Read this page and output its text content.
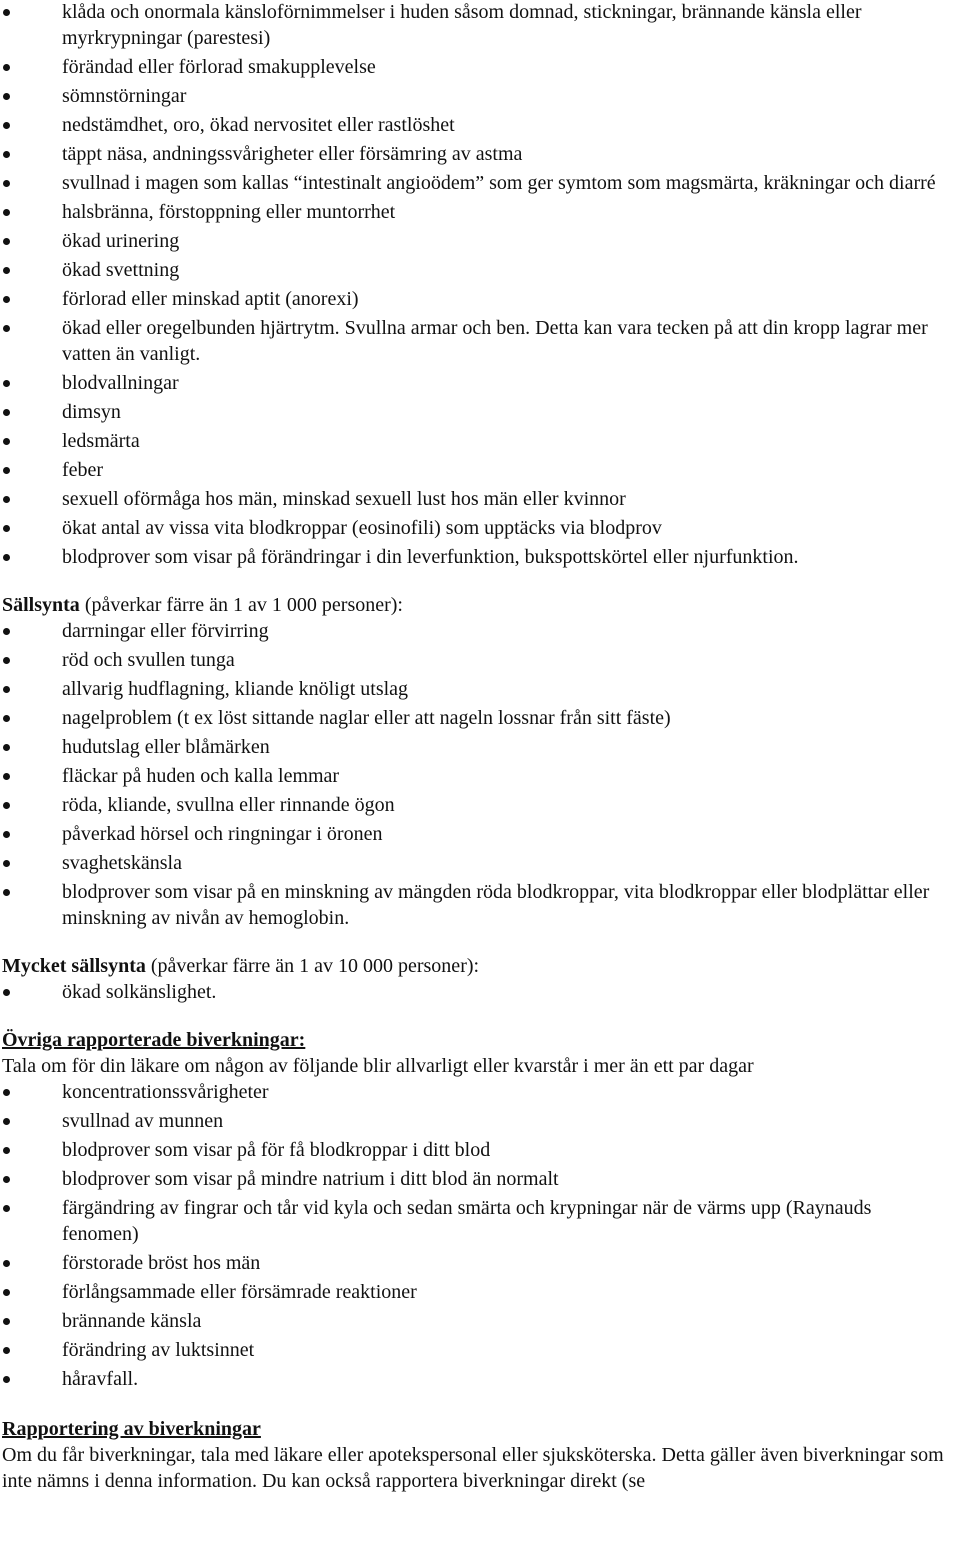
klåda och onormala känsloförnimmelser i huden såsom domnad, stickningar, brännande känsla eller myrkrypningar (parestesi)
förändad eller förlorad smakupplevelse
sömnstörningar
nedstämdhet, oro, ökad nervositet eller rastlöshet
täppt näsa, andningssvårigheter eller försämring av astma
svullnad i magen som kallas “intestinalt angioödem” som ger symtom som magsmärta, kräkningar och diarré
halsbränna, förstoppning eller muntorrhet
ökad urinering
ökad svettning
förlorad eller minskad aptit (anorexi)
ökad eller oregelbunden hjärtrytm. Svullna armar och ben. Detta kan vara tecken på att din kropp lagrar mer vatten än vanligt.
blodvallningar
dimsyn
ledsmärta
feber
sexuell oförmåga hos män, minskad sexuell lust hos män eller kvinnor
ökat antal av vissa vita blodkroppar (eosinofili) som upptäcks via blodprov
blodprover som visar på förändringar i din leverfunktion, bukspottskörtel eller njurfunktion.
Sällsynta (påverkar färre än 1 av 1 000 personer):
darrningar eller förvirring
röd och svullen tunga
allvarig hudflagning, kliande knöligt utslag
nagelproblem (t ex löst sittande naglar eller att nageln lossnar från sitt fäste)
hudutslag eller blåmärken
fläckar på huden och kalla lemmar
röda, kliande, svullna eller rinnande ögon
påverkad hörsel och ringningar i öronen
svaghetskänsla
blodprover som visar på en minskning av mängden röda blodkroppar, vita blodkroppar eller blodplättar eller minskning av nivån av hemoglobin.
Mycket sällsynta (påverkar färre än 1 av 10 000 personer):
ökad solkänslighet.
Övriga rapporterade biverkningar:
Tala om för din läkare om någon av följande blir allvarligt eller kvarstår i mer än ett par dagar
koncentrationssvårigheter
svullnad av munnen
blodprover som visar på för få blodkroppar i ditt blod
blodprover som visar på mindre natrium i ditt blod än normalt
färgändring av fingrar och tår vid kyla och sedan smärta och krypningar när de värms upp (Raynauds fenomen)
förstorade bröst hos män
förlångsammade eller försämrade reaktioner
brännande känsla
förändring av luktsinnet
håravfall.
Rapportering av biverkningar
Om du får biverkningar, tala med läkare eller apotekspersonal eller sjuksköterska. Detta gäller även biverkningar som inte nämns i denna information. Du kan också rapportera biverkningar direkt (se
